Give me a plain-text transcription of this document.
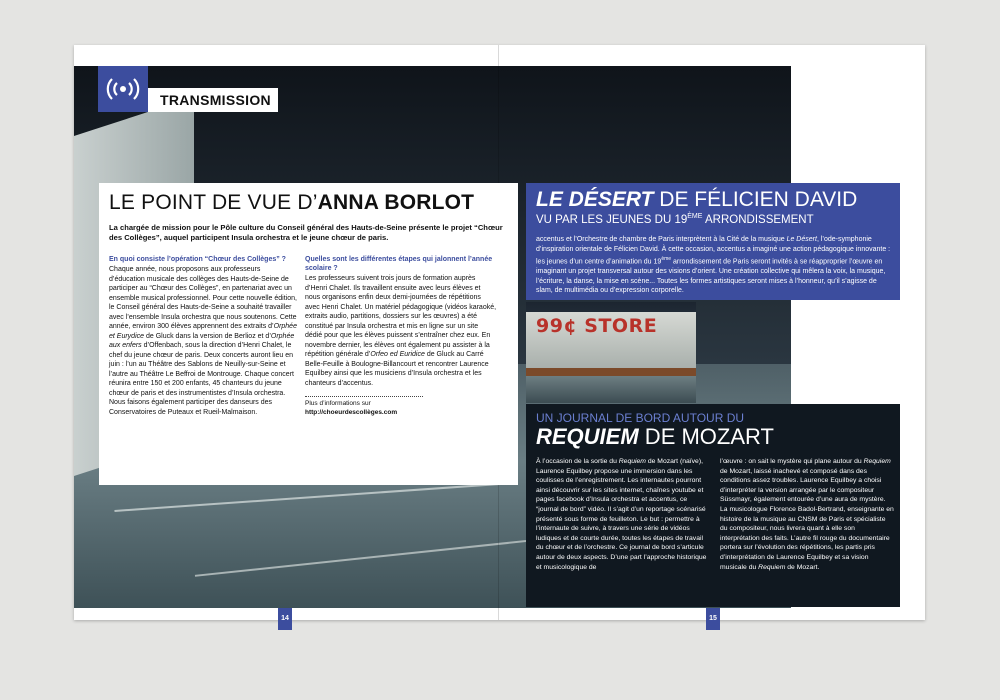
TRANSMISSION
LE POINT DE VUE D’ANNA BORLOT
La chargée de mission pour le Pôle culture du Conseil général des Hauts-de-Seine présente le projet “Chœur des Collèges”, auquel participent Insula orchestra et le jeune chœur de paris.
En quoi consiste l’opération “Chœur des Collèges” ?
Chaque année, nous proposons aux professeurs d’éducation musicale des collèges des Hauts-de-Seine de participer au “Chœur des Collèges”, en partenariat avec un ensemble musical professionnel. Pour cette nouvelle édition, le Conseil général des Hauts-de-Seine a souhaité travailler avec l’ensemble Insula orchestra que nous soutenons. Cette année, environ 300 élèves apprennent des extraits d’Orphée et Eurydice de Gluck dans la version de Berlioz et d’Orphée aux enfers d’Offenbach, sous la direction d’Henri Chalet, le chef du jeune chœur de paris. Deux concerts auront lieu en juin : l’un au Théâtre des Sablons de Neuilly-sur-Seine et l’autre au Théâtre Le Beffroi de Montrouge. Chaque concert réunira entre 150 et 200 enfants, 45 chanteurs du jeune chœur de paris et des instrumentistes d’Insula orchestra. Nous faisons également participer des danseurs des Conservatoires de Puteaux et Rueil-Malmaison.
Quelles sont les différentes étapes qui jalonnent l’année scolaire ?
Les professeurs suivent trois jours de formation auprès d’Henri Chalet. Ils travaillent ensuite avec leurs élèves et nous organisons enfin deux demi-journées de répétitions avec Henri Chalet. Un matériel pédagogique (vidéos karaoké, extraits audio, partitions, dossiers sur les œuvres) a été constitué par Insula orchestra et mis en ligne sur un site dédié pour que les élèves puissent s’entraîner chez eux. En novembre dernier, les élèves ont également pu assister à la répétition générale d’Orfeo ed Euridice de Gluck au Carré Belle-Feuille à Boulogne-Billancourt et rencontrer Laurence Equilbey ainsi que les musiciens d’Insula orchestra et les chanteurs d’accentus.
Plus d’informations sur http://choeurdescollèges.com
LE DÉSERT DE FÉLICIEN DAVID
VU PAR LES JEUNES DU 19ÈME ARRONDISSEMENT
accentus et l’Orchestre de chambre de Paris interprètent à la Cité de la musique Le Désert, l’ode-symphonie d’inspiration orientale de Félicien David. À cette occasion, accentus a imaginé une action pédagogique innovante : les jeunes d’un centre d’animation du 19ème arrondissement de Paris seront invités à se réapproprier l’œuvre en imaginant un projet transversal autour des visions d’orient. Une création collective qui mêlera la voix, la musique, l’écriture, la danse, la mise en scène... Toutes les formes artistiques seront mises à l’honneur, qu’il s’agisse de slam, de multimédia ou d’expression corporelle.
99¢ STORE
UN JOURNAL DE BORD AUTOUR DU
REQUIEM DE MOZART
À l’occasion de la sortie du Requiem de Mozart (naïve), Laurence Equilbey propose une immersion dans les coulisses de l’enregistrement. Les internautes pourront ainsi découvrir sur les sites internet, chaînes youtube et pages facebook d’Insula orchestra et accentus, ce “journal de bord” vidéo. Il s’agit d’un reportage scénarisé présenté sous forme de feuilleton. Le but : permettre à l’internaute de suivre, à travers une série de vidéos ludiques et de courte durée, toutes les étapes de travail du chœur et de l’orchestre. Ce journal de bord s’articule autour de deux aspects. D’une part l’approche historique et musicologique de
l’œuvre : on sait le mystère qui plane autour du Requiem de Mozart, laissé inachevé et composé dans des conditions assez troubles. Laurence Equilbey a choisi d’interpréter la version arrangée par le compositeur Süssmayr, également entourée d’une aura de mystère. La musicologue Florence Badol-Bertrand, enseignante en histoire de la musique au CNSM de Paris et spécialiste du compositeur, nous livrera quant à elle son interprétation des faits. L’autre fil rouge du documentaire portera sur l’évolution des répétitions, les partis pris d’interprétation de Laurence Equilbey et sa vision musicale du Requiem de Mozart.
14	15
